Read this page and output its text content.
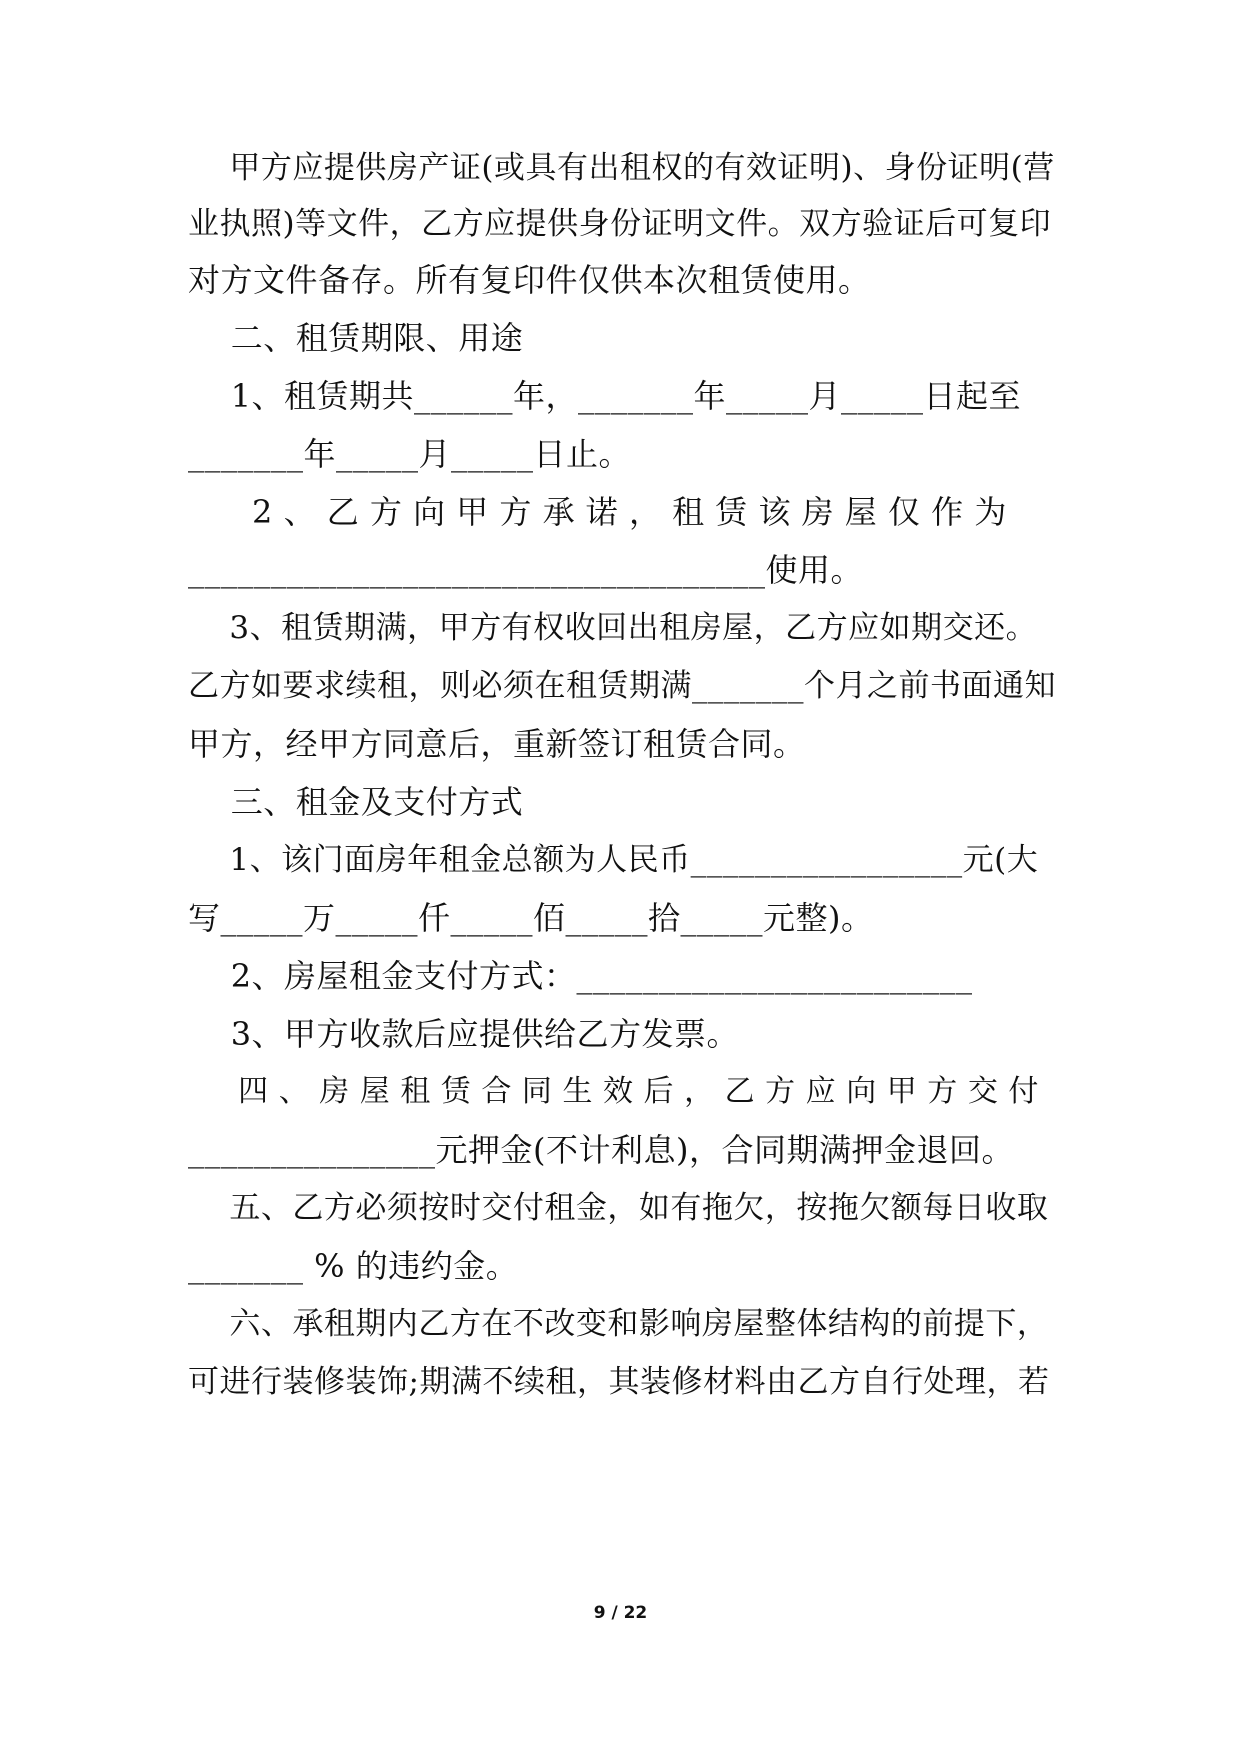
甲方应提供房产证(或具有出租权的有效证明)、身份证明(营
业执照)等文件，乙方应提供身份证明文件。双方验证后可复印
对方文件备存。所有复印件仅供本次租赁使用。
二、租赁期限、用途
1、租赁期共______年，_______年_____月_____日起至
_______年_____月_____日止。
2 、 乙 方 向 甲 方 承 诺 ， 租 赁 该 房 屋 仅 作 为
___________________________________使用。
3、租赁期满，甲方有权收回出租房屋，乙方应如期交还。
乙方如要求续租，则必须在租赁期满_______个月之前书面通知
甲方，经甲方同意后，重新签订租赁合同。
三、租金及支付方式
1、该门面房年租金总额为人民币_________________元(大
写_____万_____仟_____佰_____拾_____元整)。
2、房屋租金支付方式：________________________
3、甲方收款后应提供给乙方发票。
四 、 房 屋 租 赁 合 同 生 效 后 ， 乙 方 应 向 甲 方 交 付
_______________元押金(不计利息)，合同期满押金退回。
五、乙方必须按时交付租金，如有拖欠，按拖欠额每日收取
_______ % 的违约金。
六、承租期内乙方在不改变和影响房屋整体结构的前提下，
可进行装修装饰;期满不续租，其装修材料由乙方自行处理，若
9 / 22
